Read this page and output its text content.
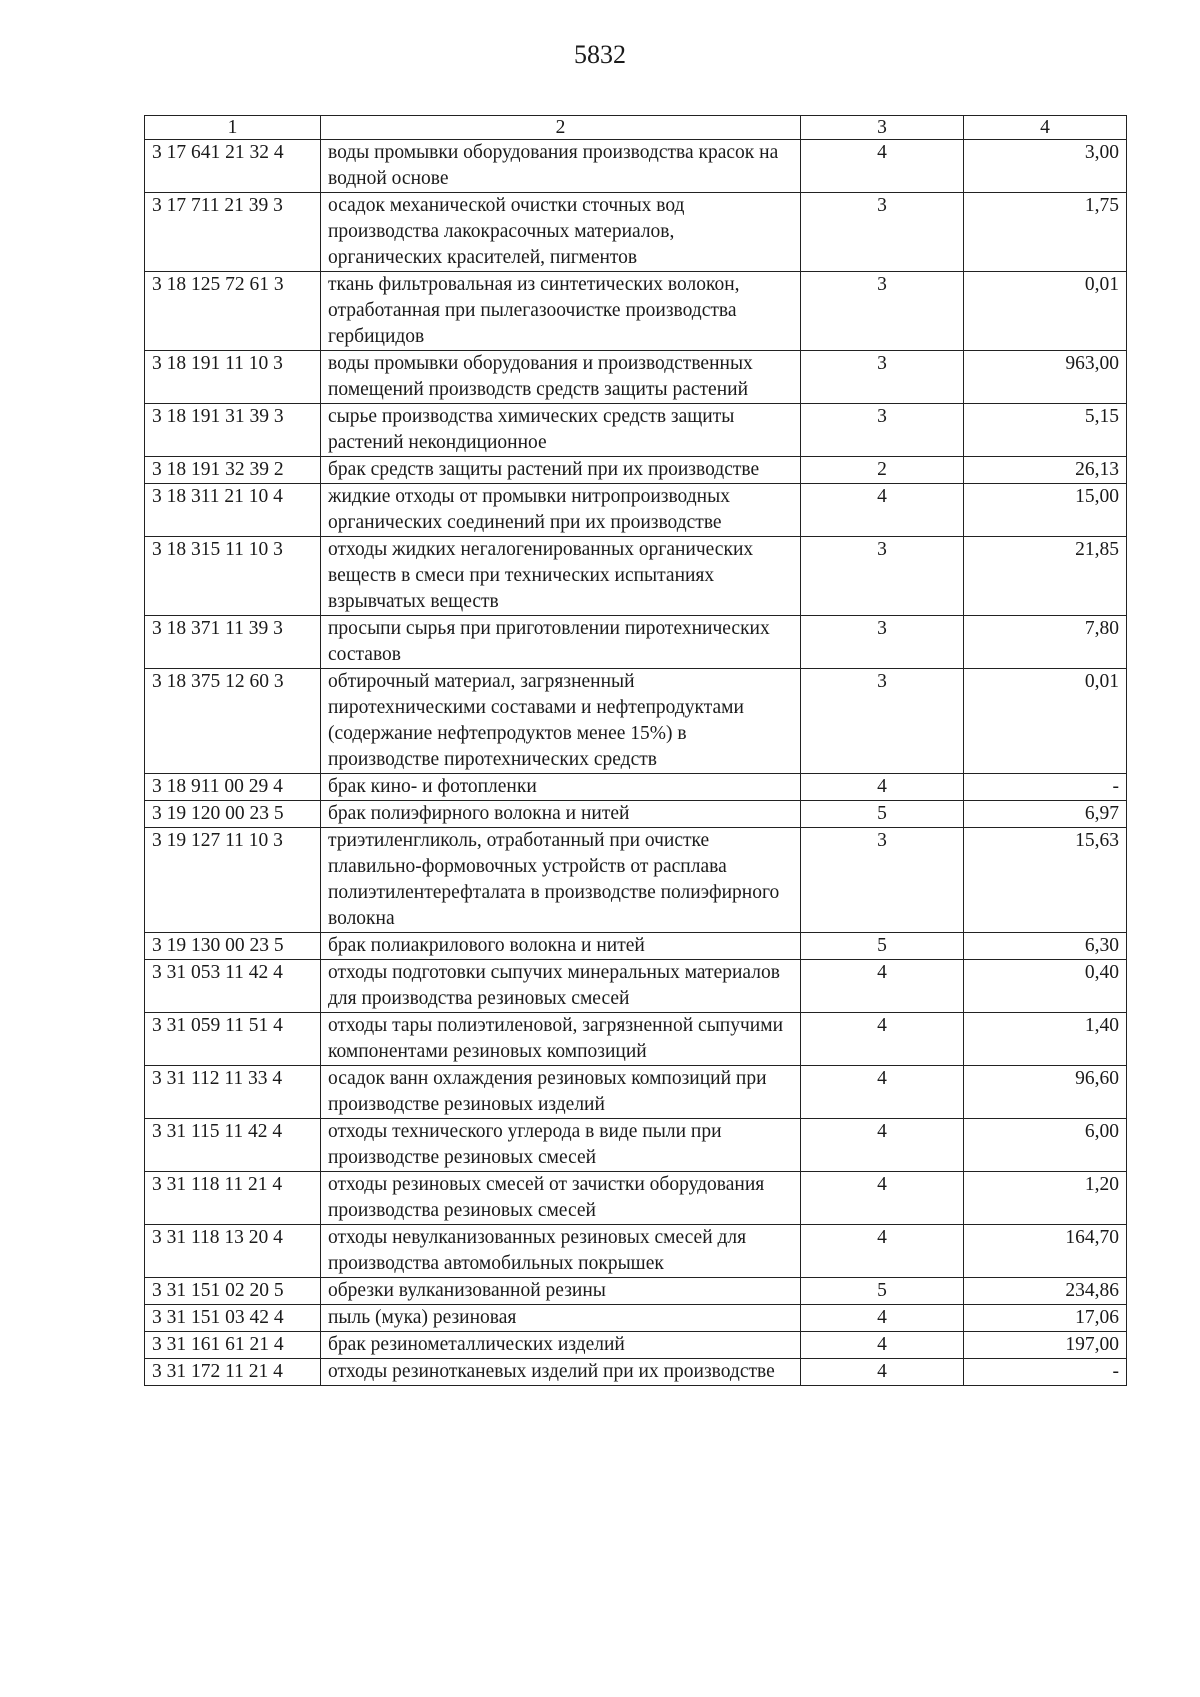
5832
1	2	3	4
3 17 641 21 32 4	воды промывки оборудования производства красок на водной основе	4	3,00
3 17 711 21 39 3	осадок механической очистки сточных вод производства лакокрасочных материалов, органических красителей, пигментов	3	1,75
3 18 125 72 61 3	ткань фильтровальная из синтетических волокон, отработанная при пылегазоочистке производства гербицидов	3	0,01
3 18 191 11 10 3	воды промывки оборудования и производственных помещений производств средств защиты растений	3	963,00
3 18 191 31 39 3	сырье производства химических средств защиты растений некондиционное	3	5,15
3 18 191 32 39 2	брак средств защиты растений при их производстве	2	26,13
3 18 311 21 10 4	жидкие отходы от промывки нитропроизводных органических соединений при их производстве	4	15,00
3 18 315 11 10 3	отходы жидких негалогенированных органических веществ в смеси при технических испытаниях взрывчатых веществ	3	21,85
3 18 371 11 39 3	просыпи сырья при приготовлении пиротехнических составов	3	7,80
3 18 375 12 60 3	обтирочный материал, загрязненный пиротехническими составами и нефтепродуктами (содержание нефтепродуктов менее 15%) в производстве пиротехнических средств	3	0,01
3 18 911 00 29 4	брак кино- и фотопленки	4	-
3 19 120 00 23 5	брак полиэфирного волокна и нитей	5	6,97
3 19 127 11 10 3	триэтиленгликоль, отработанный при очистке плавильно-формовочных устройств от расплава полиэтилентерефталата в производстве полиэфирного волокна	3	15,63
3 19 130 00 23 5	брак полиакрилового волокна и нитей	5	6,30
3 31 053 11 42 4	отходы подготовки сыпучих минеральных материалов для производства резиновых смесей	4	0,40
3 31 059 11 51 4	отходы тары полиэтиленовой, загрязненной сыпучими компонентами резиновых композиций	4	1,40
3 31 112 11 33 4	осадок ванн охлаждения резиновых композиций при производстве резиновых изделий	4	96,60
3 31 115 11 42 4	отходы технического углерода в виде пыли при производстве резиновых смесей	4	6,00
3 31 118 11 21 4	отходы резиновых смесей от зачистки оборудования производства резиновых смесей	4	1,20
3 31 118 13 20 4	отходы невулканизованных резиновых смесей для производства автомобильных покрышек	4	164,70
3 31 151 02 20 5	обрезки вулканизованной резины	5	234,86
3 31 151 03 42 4	пыль (мука) резиновая	4	17,06
3 31 161 61 21 4	брак резинометаллических изделий	4	197,00
3 31 172 11 21 4	отходы резинотканевых изделий при их производстве	4	-
